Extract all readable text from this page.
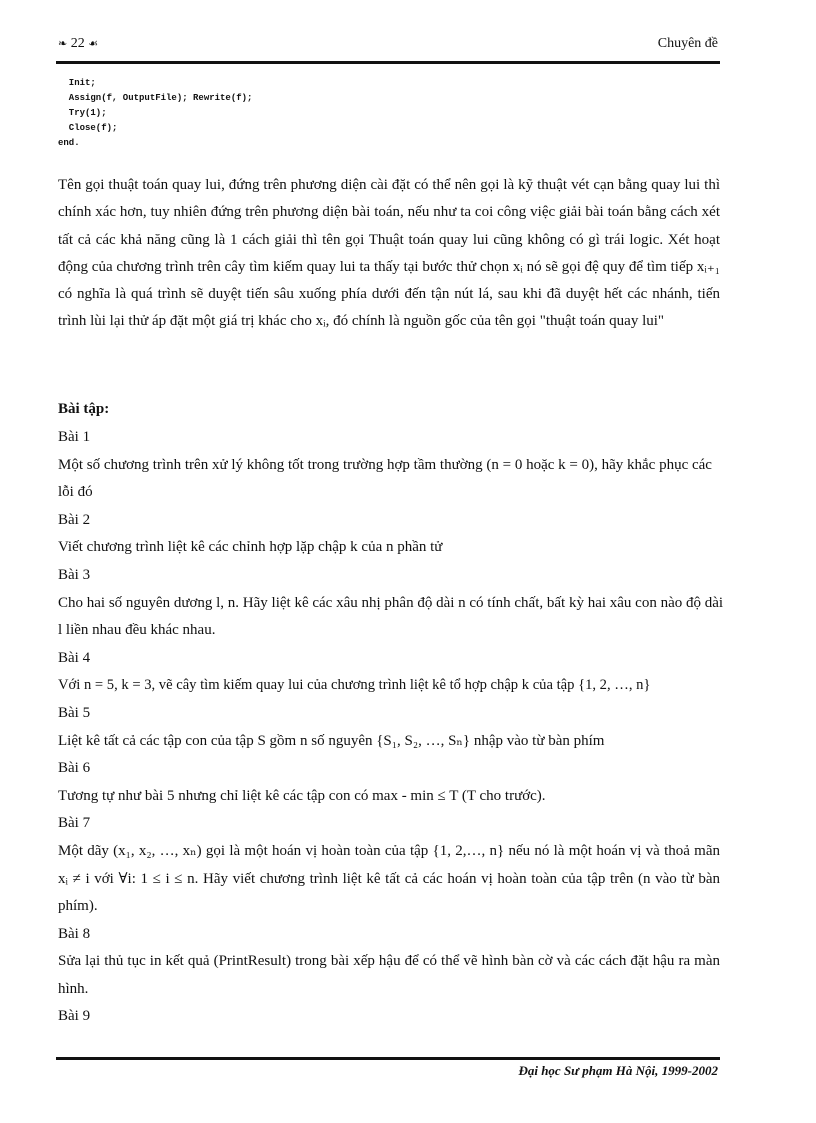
❧ 22 ☙	Chuyên đề
Init;
Assign(f, OutputFile); Rewrite(f);
Try(1);
Close(f);
end.

Tên gọi thuật toán quay lui, đứng trên phương diện cài đặt có thể nên gọi là kỹ thuật vét cạn bằng quay lui thì chính xác hơn, tuy nhiên đứng trên phương diện bài toán, nếu như ta coi công việc giải bài toán bằng cách xét tất cả các khả năng cũng là 1 cách giải thì tên gọi Thuật toán quay lui cũng không có gì trái logic. Xét hoạt động của chương trình trên cây tìm kiếm quay lui ta thấy tại bước thử chọn xᵢ nó sẽ gọi đệ quy để tìm tiếp xᵢ₊₁ có nghĩa là quá trình sẽ duyệt tiến sâu xuống phía dưới đến tận nút lá, sau khi đã duyệt hết các nhánh, tiến trình lùi lại thử áp đặt một giá trị khác cho xᵢ, đó chính là nguồn gốc của tên gọi "thuật toán quay lui"

Bài tập:

Bài 1

Một số chương trình trên xử lý không tốt trong trường hợp tầm thường (n = 0 hoặc k = 0), hãy khắc phục các lỗi đó

Bài 2

Viết chương trình liệt kê các chỉnh hợp lặp chập k của n phần tử

Bài 3

Cho hai số nguyên dương l, n. Hãy liệt kê các xâu nhị phân độ dài n có tính chất, bất kỳ hai xâu con nào độ dài l liền nhau đều khác nhau.

Bài 4

Với n = 5, k = 3, vẽ cây tìm kiếm quay lui của chương trình liệt kê tổ hợp chập k của tập {1, 2, …, n}

Bài 5

Liệt kê tất cả các tập con của tập S gồm n số nguyên {S₁, S₂, …, Sₙ} nhập vào từ bàn phím

Bài 6

Tương tự như bài 5 nhưng chỉ liệt kê các tập con có max - min ≤ T (T cho trước).

Bài 7

Một dãy (x₁, x₂, …, xₙ) gọi là một hoán vị hoàn toàn của tập {1, 2,…, n} nếu nó là một hoán vị và thoả mãn xᵢ ≠ i với ∀i: 1 ≤ i ≤ n. Hãy viết chương trình liệt kê tất cả các hoán vị hoàn toàn của tập trên (n vào từ bàn phím).

Bài 8

Sửa lại thủ tục in kết quả (PrintResult) trong bài xếp hậu để có thể vẽ hình bàn cờ và các cách đặt hậu ra màn hình.

Bài 9

Đại học Sư phạm Hà Nội, 1999-2002
